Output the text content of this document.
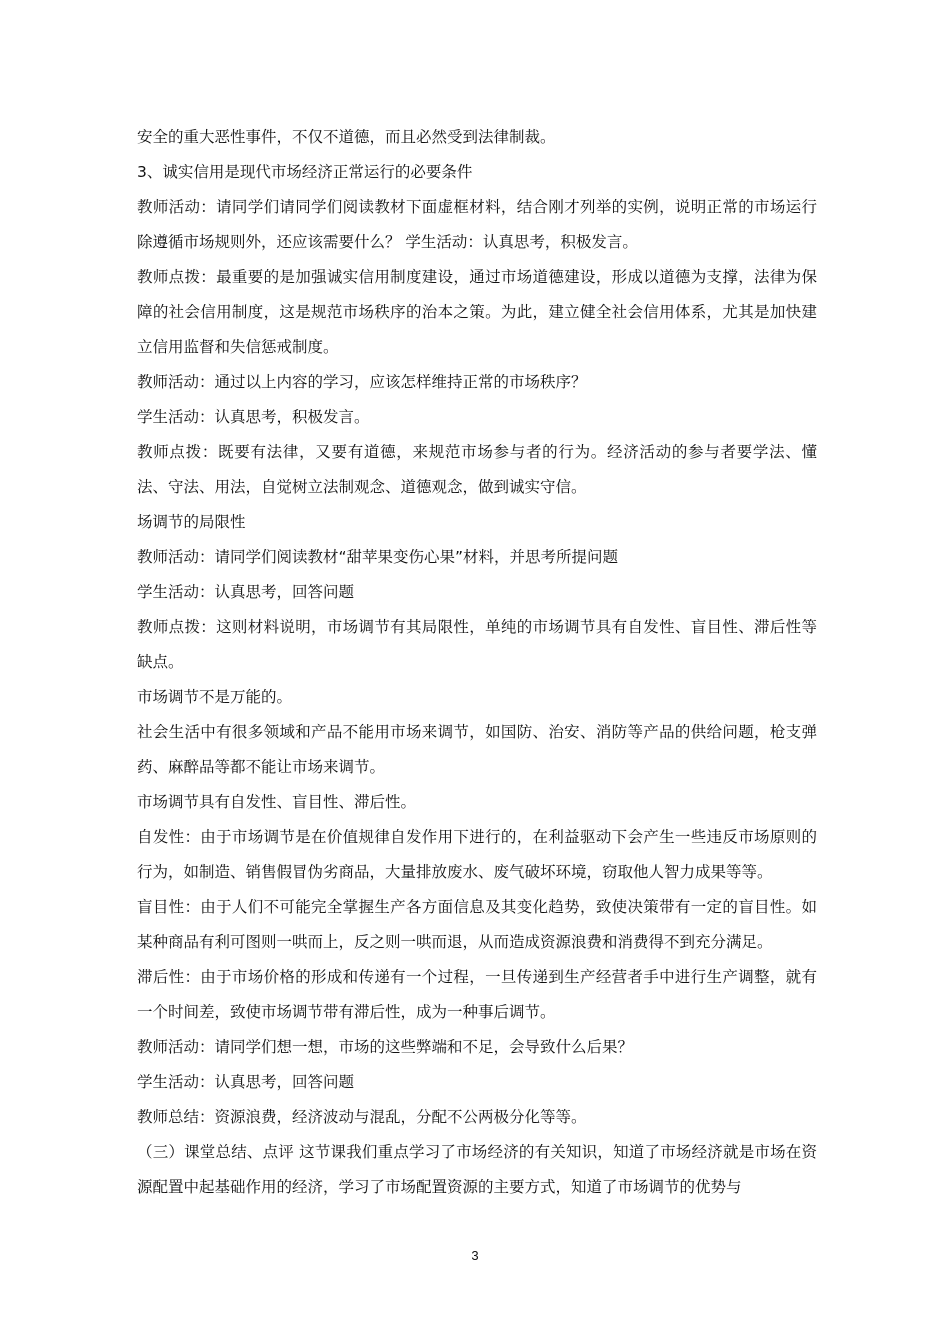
安全的重大恶性事件，不仅不道德，而且必然受到法律制裁。

3、诚实信用是现代市场经济正常运行的必要条件

教师活动：请同学们请同学们阅读教材下面虚框材料，结合刚才列举的实例，说明正常的市场运行除遵循市场规则外，还应该需要什么？ 学生活动：认真思考，积极发言。

教师点拨：最重要的是加强诚实信用制度建设，通过市场道德建设，形成以道德为支撑，法律为保障的社会信用制度，这是规范市场秩序的治本之策。为此，建立健全社会信用体系，尤其是加快建立信用监督和失信惩戒制度。

教师活动：通过以上内容的学习，应该怎样维持正常的市场秩序？

学生活动：认真思考，积极发言。

教师点拨：既要有法律，又要有道德，来规范市场参与者的行为。经济活动的参与者要学法、懂法、守法、用法，自觉树立法制观念、道德观念，做到诚实守信。

场调节的局限性

教师活动：请同学们阅读教材“甜苹果变伤心果”材料，并思考所提问题

学生活动：认真思考，回答问题

教师点拨：这则材料说明，市场调节有其局限性，单纯的市场调节具有自发性、盲目性、滞后性等缺点。

市场调节不是万能的。

社会生活中有很多领域和产品不能用市场来调节，如国防、治安、消防等产品的供给问题，枪支弹药、麻醉品等都不能让市场来调节。

市场调节具有自发性、盲目性、滞后性。

自发性：由于市场调节是在价值规律自发作用下进行的，在利益驱动下会产生一些违反市场原则的行为，如制造、销售假冒伪劣商品，大量排放废水、废气破坏环境，窃取他人智力成果等等。

盲目性：由于人们不可能完全掌握生产各方面信息及其变化趋势，致使决策带有一定的盲目性。如某种商品有利可图则一哄而上，反之则一哄而退，从而造成资源浪费和消费得不到充分满足。

滞后性：由于市场价格的形成和传递有一个过程，一旦传递到生产经营者手中进行生产调整，就有一个时间差，致使市场调节带有滞后性，成为一种事后调节。

教师活动：请同学们想一想，市场的这些弊端和不足，会导致什么后果？

学生活动：认真思考，回答问题

教师总结：资源浪费，经济波动与混乱，分配不公两极分化等等。

（三）课堂总结、点评 这节课我们重点学习了市场经济的有关知识，知道了市场经济就是市场在资源配置中起基础作用的经济，学习了市场配置资源的主要方式，知道了市场调节的优势与

3
